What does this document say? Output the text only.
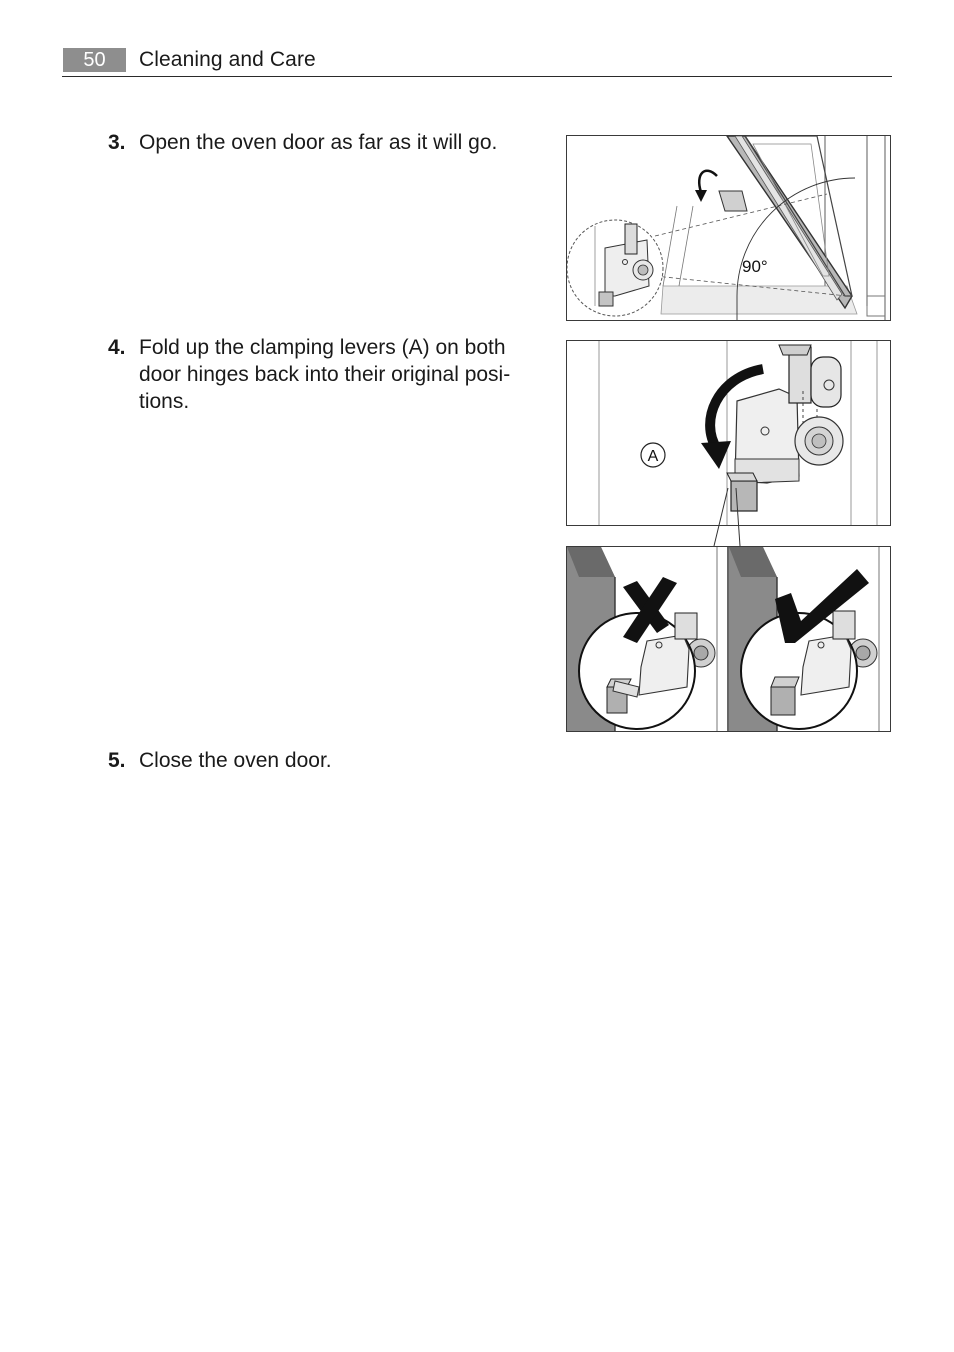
50	Cleaning and Care
3. Open the oven door as far as it will go.
4. Fold up the clamping levers (A) on both door hinges back into their original posi- tions.
5. Close the oven door.
90°
A
